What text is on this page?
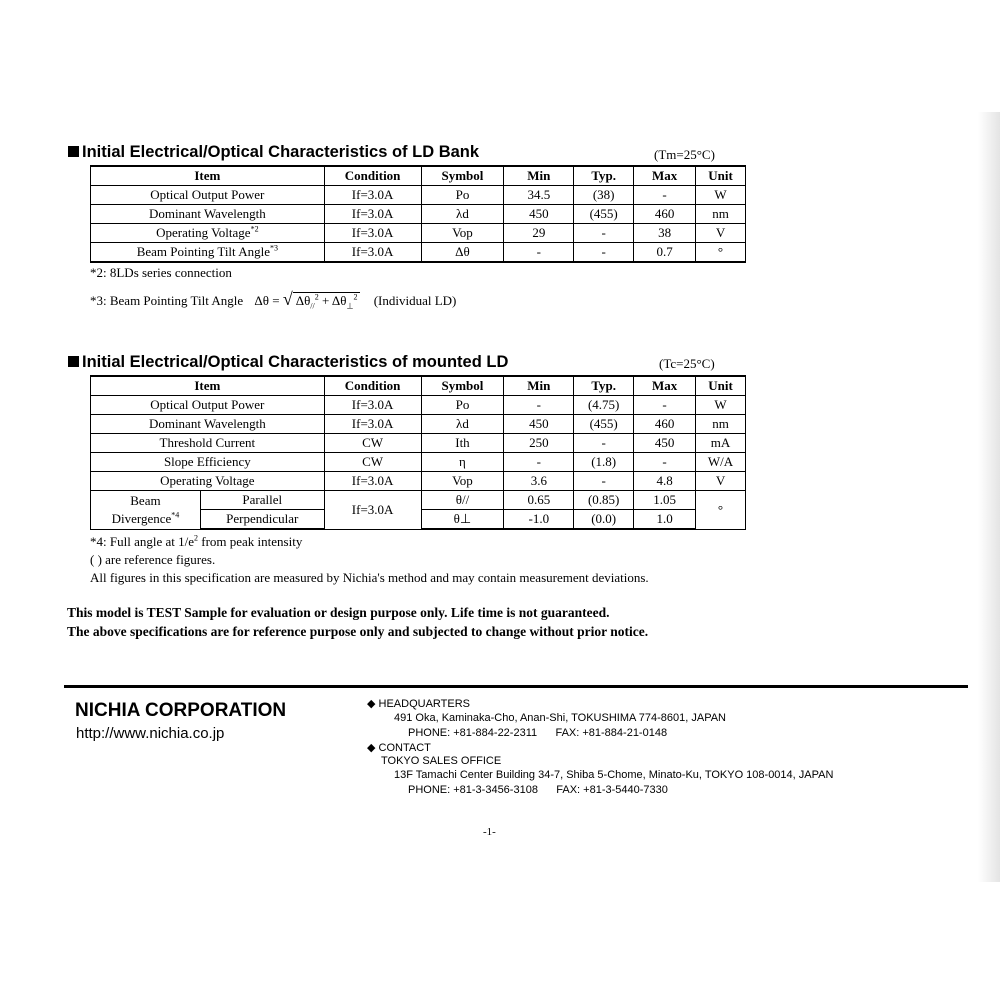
Initial Electrical/Optical Characteristics of LD Bank	(Tm=25°C)
Item	Condition	Symbol	Min	Typ.	Max	Unit
Optical Output Power	If=3.0A	Po	34.5	(38)	-	W
Dominant Wavelength	If=3.0A	λd	450	(455)	460	nm
Operating Voltage$^{*2}$	If=3.0A	Vop	29	-	38	V
Beam Pointing Tilt Angle$^{*3}$	If=3.0A	Δθ	-	-	0.7	°
*2: 8LDs series connection
*3: Beam Pointing Tilt Angle Δθ = √ $\Delta\theta_{//}^2 + \Delta\theta_\perp^2$ (Individual LD)
Initial Electrical/Optical Characteristics of mounted LD	(Tc=25°C)
Item		Condition	Symbol	Min	Typ.	Max	Unit
Optical Output Power		If=3.0A	Po	-	(4.75)	-	W
Dominant Wavelength		If=3.0A	λd	450	(455)	460	nm
Threshold Current		CW	Ith	250	-	450	mA
Slope Efficiency		CW	η	-	(1.8)	-	W/A
Operating Voltage		If=3.0A	Vop	3.6	-	4.8	V

Beam
Divergence$^{*4}$	Parallel	If=3.0A	θ//	0.65	(0.85)	1.05	°
	Perpendicular		θ⊥	-1.0	(0.0)	1.0	
*4: Full angle at $1/e^2$ from peak intensity
( ) are reference figures.
All figures in this specification are measured by Nichia's method and may contain measurement deviations.
This model is TEST Sample for evaluation or design purpose only. Life time is not guaranteed.
The above specifications are for reference purpose only and subjected to change without prior notice.
NICHIA CORPORATION
http://www.nichia.co.jp
◆ HEADQUARTERS
491 Oka, Kaminaka-Cho, Anan-Shi, TOKUSHIMA 774-8601, JAPAN
PHONE: +81-884-22-2311      FAX: +81-884-21-0148
◆ CONTACT
TOKYO SALES OFFICE
13F Tamachi Center Building 34-7, Shiba 5-Chome, Minato-Ku, TOKYO 108-0014, JAPAN
PHONE: +81-3-3456-3108      FAX: +81-3-5440-7330
-1-
